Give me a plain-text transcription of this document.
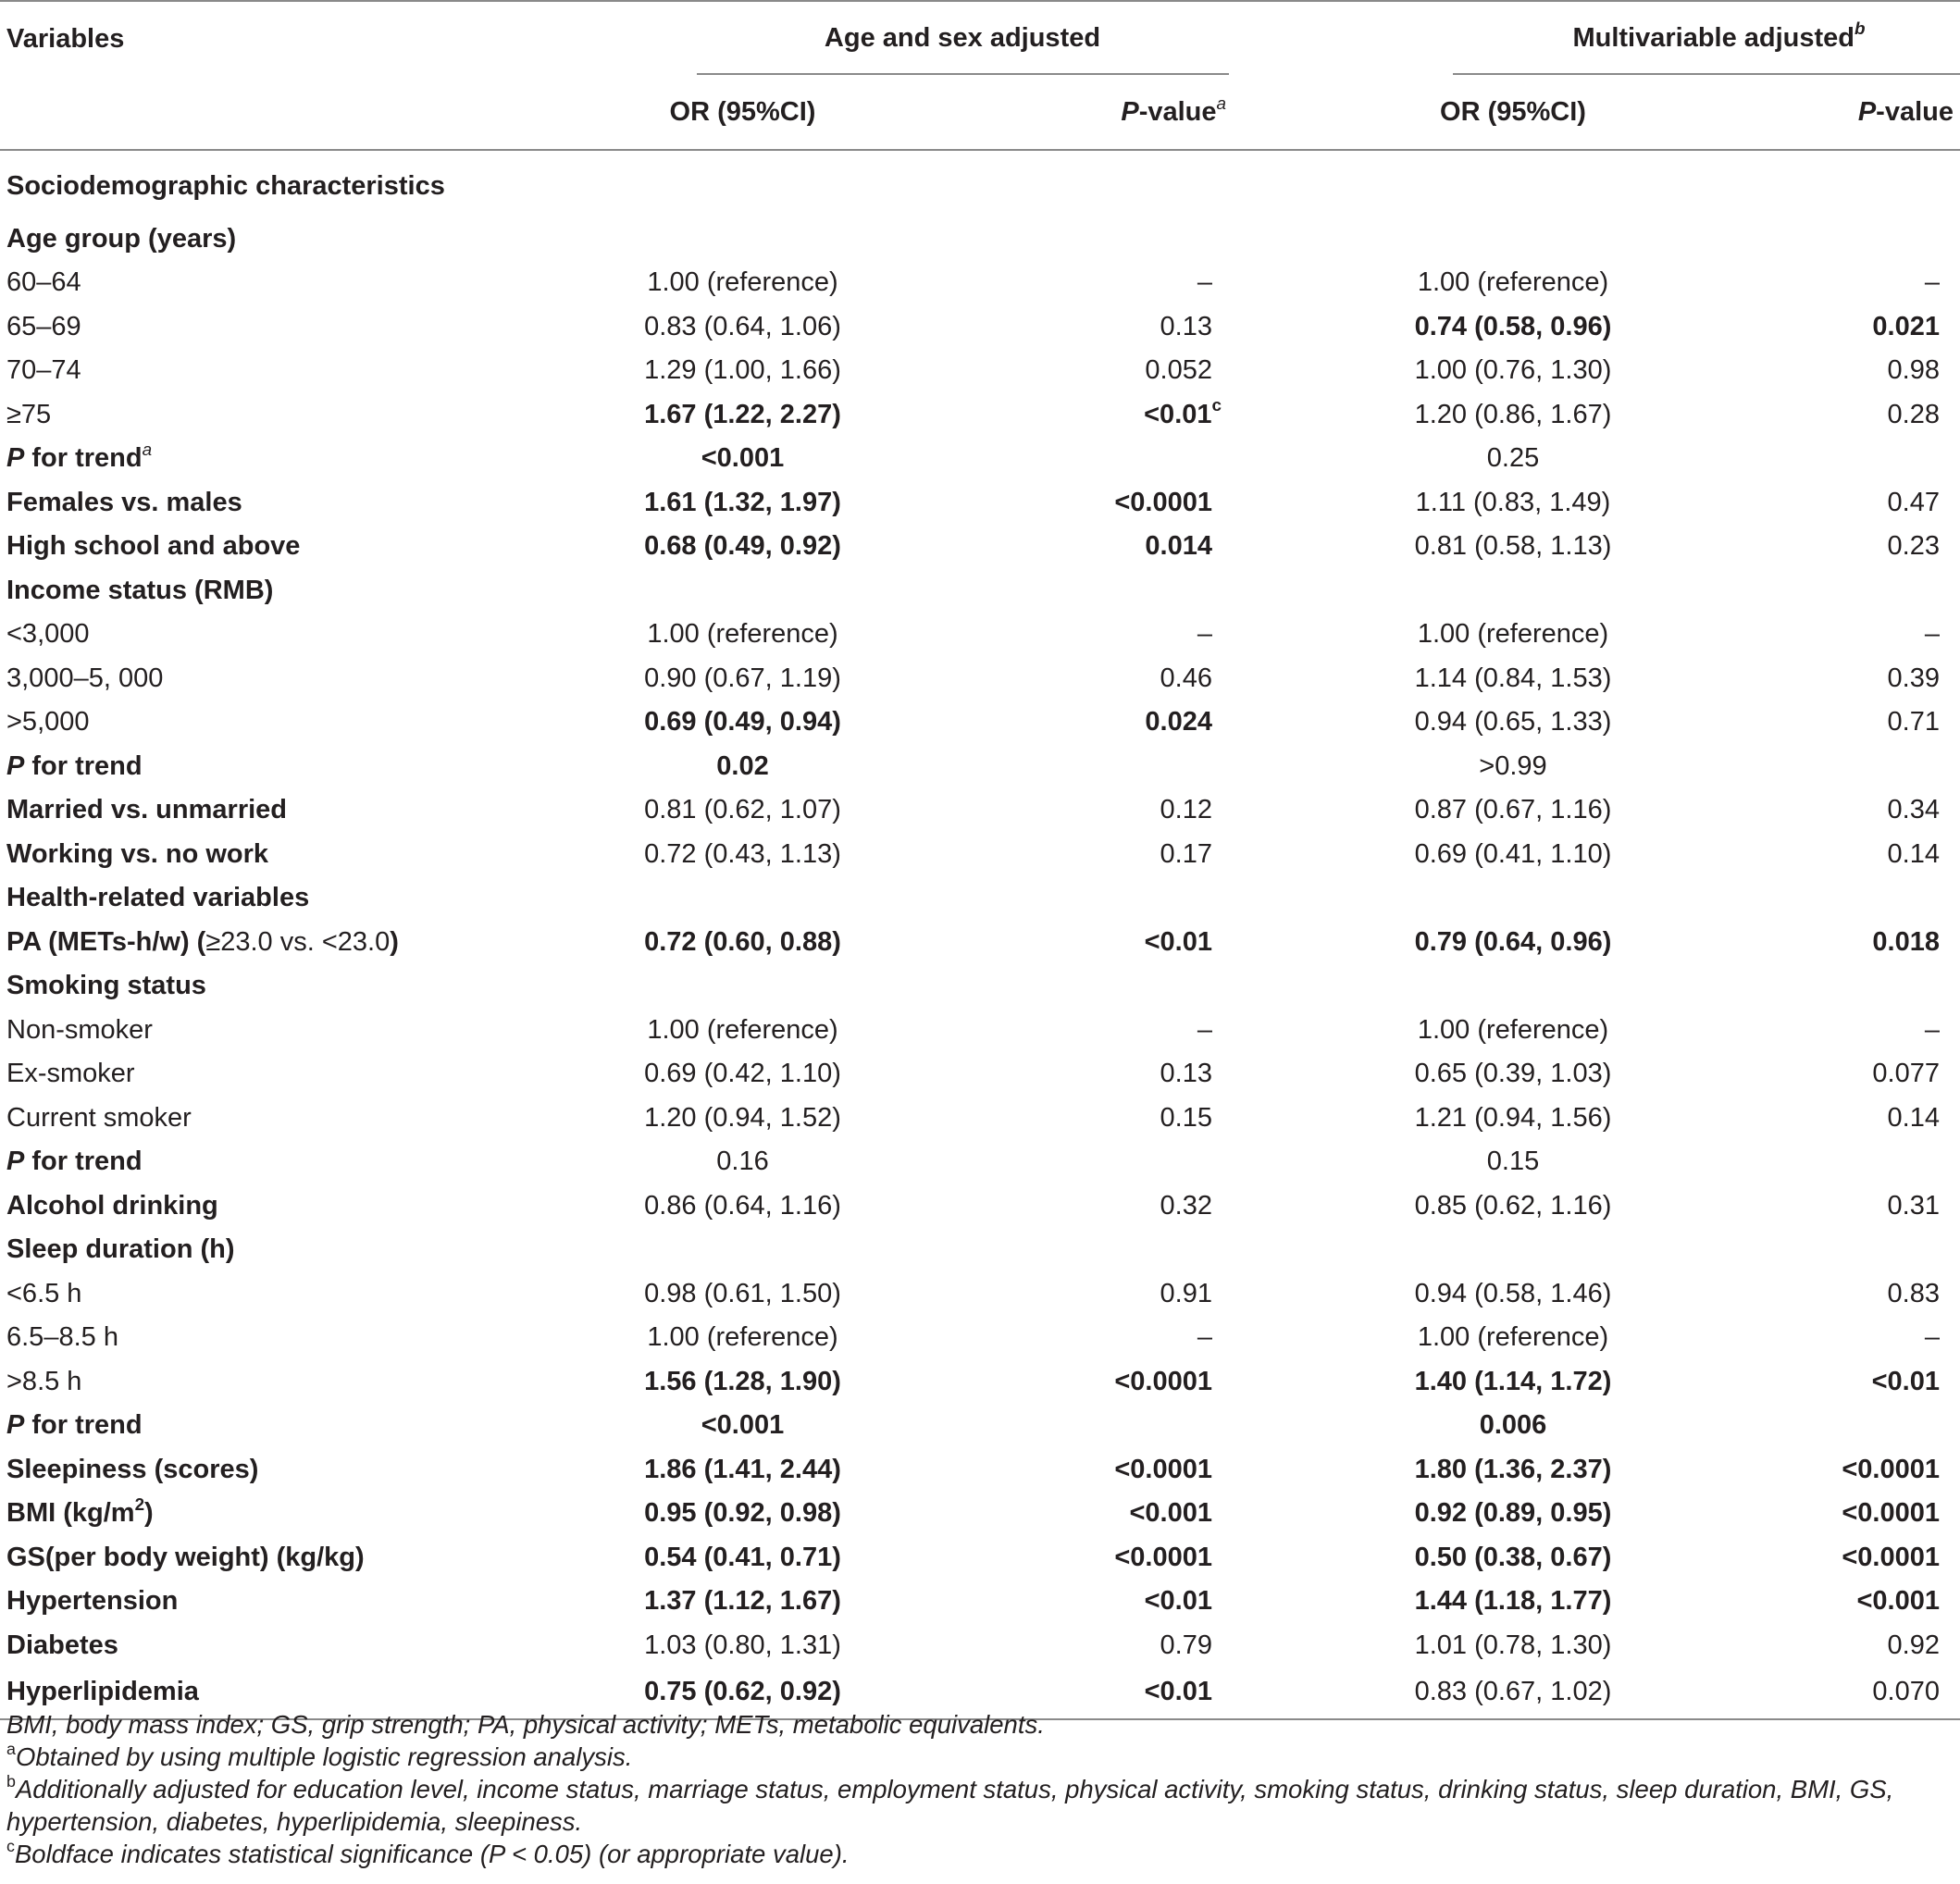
Variables	Age and sex adjusted		Multivariable adjusted$^b$
	OR (95%CI)	P-value$^a$	OR (95%CI)	P-value
Sociodemographic characteristics				
Age group (years)				
60–64	1.00 (reference)	–	1.00 (reference)	–
65–69	0.83 (0.64, 1.06)	0.13	0.74 (0.58, 0.96)	0.021
70–74	1.29 (1.00, 1.66)	0.052	1.00 (0.76, 1.30)	0.98
≥75	1.67 (1.22, 2.27)	<0.01$^c$	1.20 (0.86, 1.67)	0.28
P for trend$^a$	<0.001		0.25	
Females vs. males	1.61 (1.32, 1.97)	<0.0001	1.11 (0.83, 1.49)	0.47
High school and above	0.68 (0.49, 0.92)	0.014	0.81 (0.58, 1.13)	0.23
Income status (RMB)				
<3,000	1.00 (reference)	–	1.00 (reference)	–
3,000–5, 000	0.90 (0.67, 1.19)	0.46	1.14 (0.84, 1.53)	0.39
>5,000	0.69 (0.49, 0.94)	0.024	0.94 (0.65, 1.33)	0.71
P for trend	0.02		>0.99	
Married vs. unmarried	0.81 (0.62, 1.07)	0.12	0.87 (0.67, 1.16)	0.34
Working vs. no work	0.72 (0.43, 1.13)	0.17	0.69 (0.41, 1.10)	0.14
Health-related variables				
PA (METs-h/w) (≥23.0 vs. <23.0)	0.72 (0.60, 0.88)	<0.01	0.79 (0.64, 0.96)	0.018
Smoking status				
Non-smoker	1.00 (reference)	–	1.00 (reference)	–
Ex-smoker	0.69 (0.42, 1.10)	0.13	0.65 (0.39, 1.03)	0.077
Current smoker	1.20 (0.94, 1.52)	0.15	1.21 (0.94, 1.56)	0.14
P for trend	0.16		0.15	
Alcohol drinking	0.86 (0.64, 1.16)	0.32	0.85 (0.62, 1.16)	0.31
Sleep duration (h)				
<6.5 h	0.98 (0.61, 1.50)	0.91	0.94 (0.58, 1.46)	0.83
6.5–8.5 h	1.00 (reference)	–	1.00 (reference)	–
>8.5 h	1.56 (1.28, 1.90)	<0.0001	1.40 (1.14, 1.72)	<0.01
P for trend	<0.001		0.006	
Sleepiness (scores)	1.86 (1.41, 2.44)	<0.0001	1.80 (1.36, 2.37)	<0.0001
BMI $(kg/m^2)$	0.95 (0.92, 0.98)	<0.001	0.92 (0.89, 0.95)	<0.0001
GS(per body weight) (kg/kg)	0.54 (0.41, 0.71)	<0.0001	0.50 (0.38, 0.67)	<0.0001
Hypertension	1.37 (1.12, 1.67)	<0.01	1.44 (1.18, 1.77)	<0.001
Diabetes	1.03 (0.80, 1.31)	0.79	1.01 (0.78, 1.30)	0.92
Hyperlipidemia	0.75 (0.62, 0.92)	<0.01	0.83 (0.67, 1.02)	0.070
BMI, body mass index; GS, grip strength; PA, physical activity; METs, metabolic equivalents.
$^a$Obtained by using multiple logistic regression analysis.
$^b$Additionally adjusted for education level, income status, marriage status, employment status, physical activity, smoking status, drinking status, sleep duration, BMI, GS, hypertension, diabetes, hyperlipidemia, sleepiness.
$^c$Boldface indicates statistical significance (P < 0.05) (or appropriate value).
